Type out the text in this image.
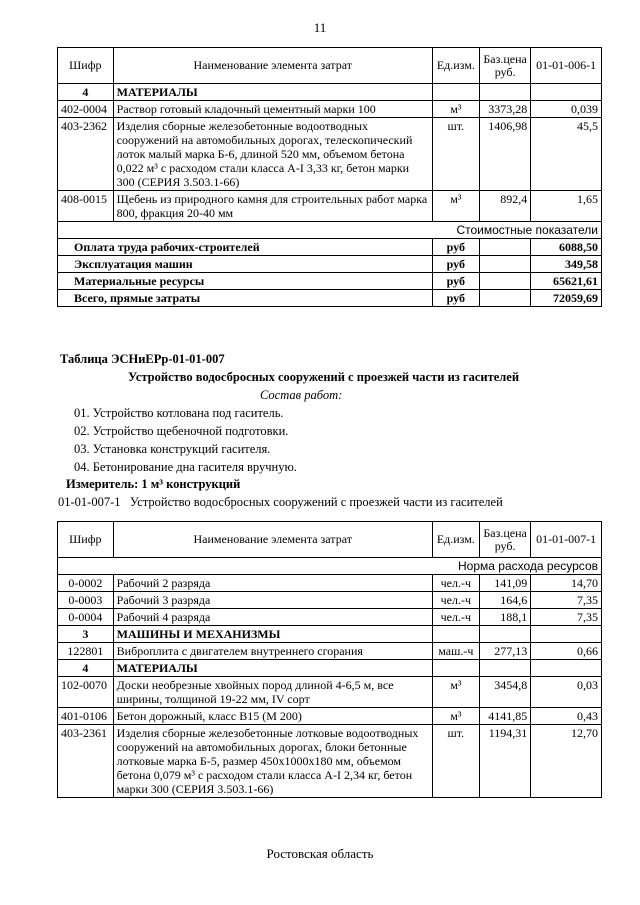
11
Шифр	Наименование элемента затрат	Ед.изм.	Баз.цена руб.	01-01-006-1
4	МАТЕРИАЛЫ			
402-0004	Раствор готовый кладочный цементный марки 100	м³	3373,28	0,039
403-2362	Изделия сборные железобетонные водоотводных сооружений на автомобильных дорогах, телескопический лоток малый марка Б-6, длиной 520 мм, объемом бетона 0,022 м³ с расходом стали класса А-I 3,33 кг, бетон марки 300 (СЕРИЯ 3.503.1-66)	шт.	1406,98	45,5
408-0015	Щебень из природного камня для строительных работ марка 800, фракция 20-40 мм	м³	892,4	1,65
Стоимостные показатели				
Оплата труда рабочих-строителей		руб		6088,50
Эксплуатация машин		руб		349,58
Материальные ресурсы		руб		65621,61
Всего, прямые затраты		руб		72059,69
Таблица ЭСНиЕРр-01-01-007
Устройство водосбросных сооружений с проезжей части из гасителей
Состав работ:
01. Устройство котлована под гаситель.
02. Устройство щебеночной подготовки.
03. Установка конструкций гасителя.
04. Бетонирование дна гасителя вручную.
Измеритель: 1 м³ конструкций
01-01-007-1   Устройство водосбросных сооружений с проезжей части из гасителей
Шифр	Наименование элемента затрат	Ед.изм.	Баз.цена руб.	01-01-007-1
Норма расхода ресурсов				
0-0002	Рабочий 2 разряда	чел.-ч	141,09	14,70
0-0003	Рабочий 3 разряда	чел.-ч	164,6	7,35
0-0004	Рабочий 4 разряда	чел.-ч	188,1	7,35
3	МАШИНЫ И МЕХАНИЗМЫ			
122801	Виброплита с двигателем внутреннего сгорания	маш.-ч	277,13	0,66
4	МАТЕРИАЛЫ			
102-0070	Доски необрезные хвойных пород длиной 4-6,5 м, все ширины, толщиной 19-22 мм, IV сорт	м³	3454,8	0,03
401-0106	Бетон дорожный, класс В15 (М 200)	м³	4141,85	0,43
403-2361	Изделия сборные железобетонные лотковые водоотводных сооружений на автомобильных дорогах, блоки бетонные лотковые марка Б-5, размер 450х1000х180 мм, объемом бетона 0,079 м³ с расходом стали класса А-I 2,34 кг, бетон марки 300 (СЕРИЯ 3.503.1-66)	шт.	1194,31	12,70
Ростовская область
